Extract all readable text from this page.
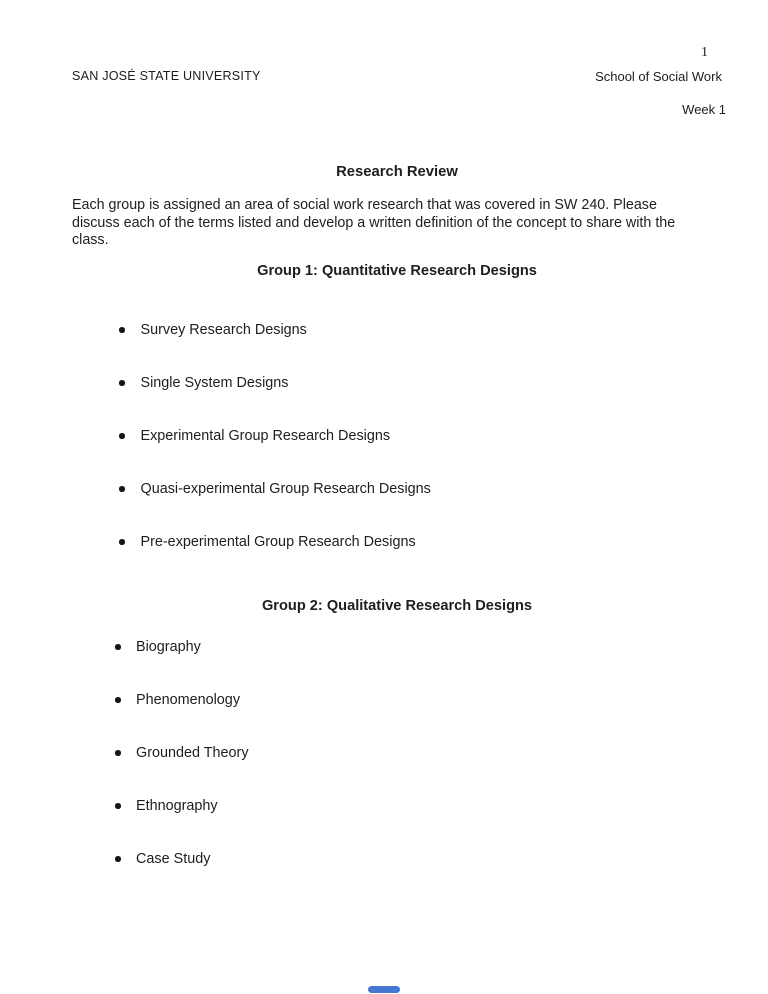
1
SAN JOSÉ STATE UNIVERSITY	School of Social Work
Week 1
Research Review
Each group is assigned an area of social work research that was covered in SW 240. Please
discuss each of the terms listed and develop a written definition of the concept to share with the
class.
Group 1: Quantitative Research Designs
Survey Research Designs
Single System Designs
Experimental Group Research Designs
Quasi-experimental Group Research Designs
Pre-experimental Group Research Designs
Group 2: Qualitative Research Designs
Biography
Phenomenology
Grounded Theory
Ethnography
Case Study
